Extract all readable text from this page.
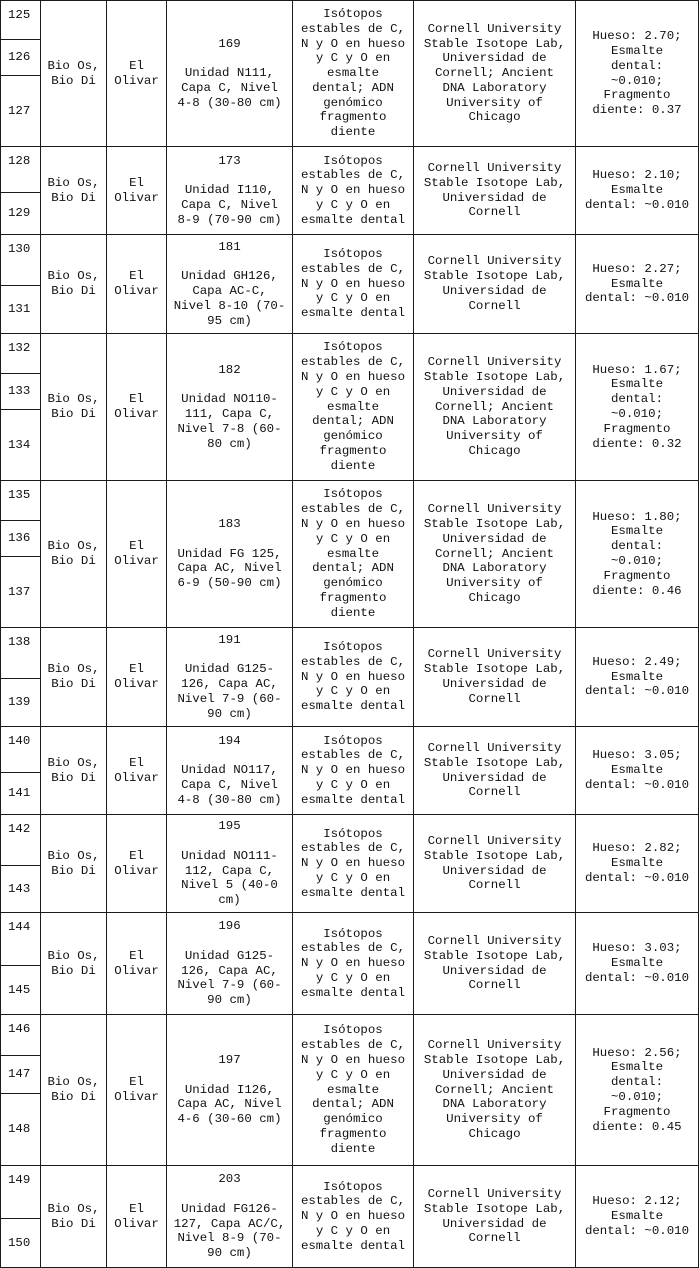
125
126
127
Bio Os,
Bio Di
El
Olivar
169

Unidad N111,
Capa C, Nivel
4-8 (30-80 cm)
Isótopos
estables de C,
N y O en hueso
y C y O en
esmalte
dental; ADN
genómico
fragmento
diente
Cornell University
Stable Isotope Lab,
Universidad de
Cornell; Ancient
DNA Laboratory
University of
Chicago
Hueso: 2.70;
Esmalte
dental:
~0.010;
Fragmento
diente: 0.37
128
129
Bio Os,
Bio Di
El
Olivar
173

Unidad I110,
Capa C, Nivel
8-9 (70-90 cm)
Isótopos
estables de C,
N y O en hueso
y C y O en
esmalte dental
Cornell University
Stable Isotope Lab,
Universidad de
Cornell
Hueso: 2.10;
Esmalte
dental: ~0.010
130
131
Bio Os,
Bio Di
El
Olivar
181

Unidad GH126,
Capa AC-C,
Nivel 8-10 (70-
95 cm)
Isótopos
estables de C,
N y O en hueso
y C y O en
esmalte dental
Cornell University
Stable Isotope Lab,
Universidad de
Cornell
Hueso: 2.27;
Esmalte
dental: ~0.010
132
133
134
Bio Os,
Bio Di
El
Olivar
182

Unidad NO110-
111, Capa C,
Nivel 7-8 (60-
80 cm)
Isótopos
estables de C,
N y O en hueso
y C y O en
esmalte
dental; ADN
genómico
fragmento
diente
Cornell University
Stable Isotope Lab,
Universidad de
Cornell; Ancient
DNA Laboratory
University of
Chicago
Hueso: 1.67;
Esmalte
dental:
~0.010;
Fragmento
diente: 0.32
135
136
137
Bio Os,
Bio Di
El
Olivar
183

Unidad FG 125,
Capa AC, Nivel
6-9 (50-90 cm)
Isótopos
estables de C,
N y O en hueso
y C y O en
esmalte
dental; ADN
genómico
fragmento
diente
Cornell University
Stable Isotope Lab,
Universidad de
Cornell; Ancient
DNA Laboratory
University of
Chicago
Hueso: 1.80;
Esmalte
dental:
~0.010;
Fragmento
diente: 0.46
138
139
Bio Os,
Bio Di
El
Olivar
191

Unidad G125-
126, Capa AC,
Nivel 7-9 (60-
90 cm)
Isótopos
estables de C,
N y O en hueso
y C y O en
esmalte dental
Cornell University
Stable Isotope Lab,
Universidad de
Cornell
Hueso: 2.49;
Esmalte
dental: ~0.010
140
141
Bio Os,
Bio Di
El
Olivar
194

Unidad NO117,
Capa C, Nivel
4-8 (30-80 cm)
Isótopos
estables de C,
N y O en hueso
y C y O en
esmalte dental
Cornell University
Stable Isotope Lab,
Universidad de
Cornell
Hueso: 3.05;
Esmalte
dental: ~0.010
142
143
Bio Os,
Bio Di
El
Olivar
195

Unidad NO111-
112, Capa C,
Nivel 5 (40-0
cm)
Isótopos
estables de C,
N y O en hueso
y C y O en
esmalte dental
Cornell University
Stable Isotope Lab,
Universidad de
Cornell
Hueso: 2.82;
Esmalte
dental: ~0.010
144
145
Bio Os,
Bio Di
El
Olivar
196

Unidad G125-
126, Capa AC,
Nivel 7-9 (60-
90 cm)
Isótopos
estables de C,
N y O en hueso
y C y O en
esmalte dental
Cornell University
Stable Isotope Lab,
Universidad de
Cornell
Hueso: 3.03;
Esmalte
dental: ~0.010
146
147
148
Bio Os,
Bio Di
El
Olivar
197

Unidad I126,
Capa AC, Nivel
4-6 (30-60 cm)
Isótopos
estables de C,
N y O en hueso
y C y O en
esmalte
dental; ADN
genómico
fragmento
diente
Cornell University
Stable Isotope Lab,
Universidad de
Cornell; Ancient
DNA Laboratory
University of
Chicago
Hueso: 2.56;
Esmalte
dental:
~0.010;
Fragmento
diente: 0.45
149
150
Bio Os,
Bio Di
El
Olivar
203

Unidad FG126-
127, Capa AC/C,
Nivel 8-9 (70-
90 cm)
Isótopos
estables de C,
N y O en hueso
y C y O en
esmalte dental
Cornell University
Stable Isotope Lab,
Universidad de
Cornell
Hueso: 2.12;
Esmalte
dental: ~0.010
